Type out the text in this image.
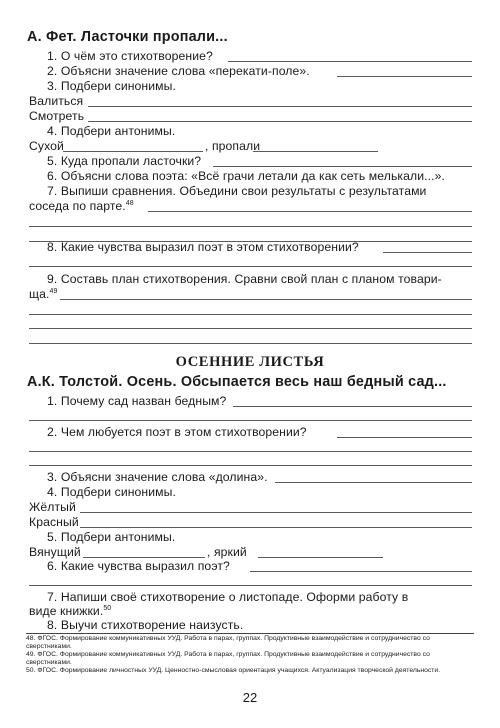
А. Фет. Ласточки пропали...
1. О чём это стихотворение?
2. Объясни значение слова «перекати-поле».
3. Подбери синонимы.
Валиться
Смотреть
4. Подбери антонимы.
Сухой	, пропали
5. Куда пропали ласточки?
6. Объясни слова поэта: «Всё грачи летали да как сеть мелькали...».
7. Выпиши сравнения. Объедини свои результаты с результатами
соседа по парте.$^{48}$
8. Какие чувства выразил поэт в этом стихотворении?
9. Составь план стихотворения. Сравни свой план с планом товари-
ща.$^{49}$
ОСЕННИЕ ЛИСТЬЯ
А.К. Толстой. Осень. Обсыпается весь наш бедный сад...
1. Почему сад назван бедным?
2. Чем любуется поэт в этом стихотворении?
3. Объясни значение слова «долина».
4. Подбери синонимы.
Жёлтый
Красный
5. Подбери антонимы.
Вянущий	, яркий
6. Какие чувства выразил поэт?
7. Напиши своё стихотворение о листопаде. Оформи работу в
виде книжки.$^{50}$
8. Выучи стихотворение наизусть.
48. ФГОС. Формирование коммуникативных УУД. Работа в парах, группах. Продуктивные взаимодействие и сотрудничество со
сверстниками.
49. ФГОС. Формирование коммуникативных УУД. Работа в парах, группах. Продуктивные взаимодействие и сотрудничество со
сверстниками.
50. ФГОС. Формирование личностных УУД. Ценностно-смысловая ориентация учащихся. Актуализация творческой деятельности.
22
